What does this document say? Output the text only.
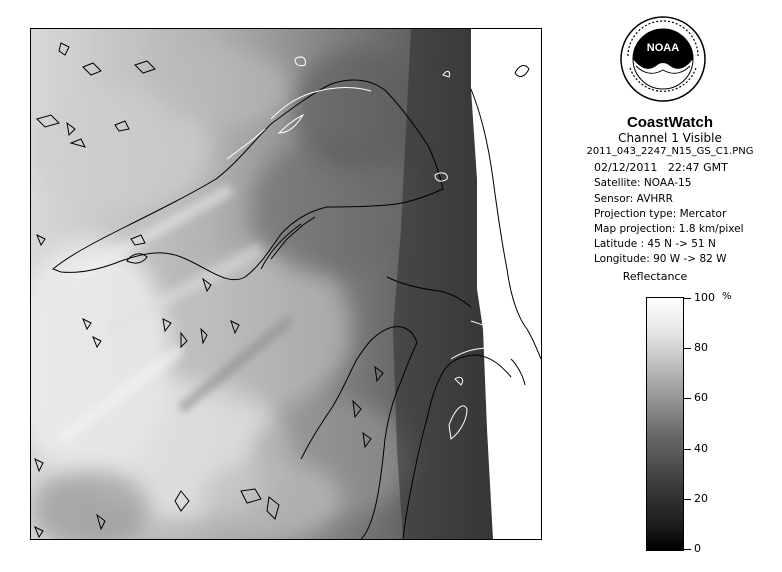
NOAA
CoastWatch
Channel 1 Visible
2011_043_2247_N15_GS_C1.PNG
02/12/2011 22:47 GMT
Satellite: NOAA-15
Sensor: AVHRR
Projection type: Mercator
Map projection: 1.8 km/pixel
Latitude : 45 N -> 51 N
Longitude: 90 W -> 82 W
Reflectance
%
100
80
60
40
20
0
